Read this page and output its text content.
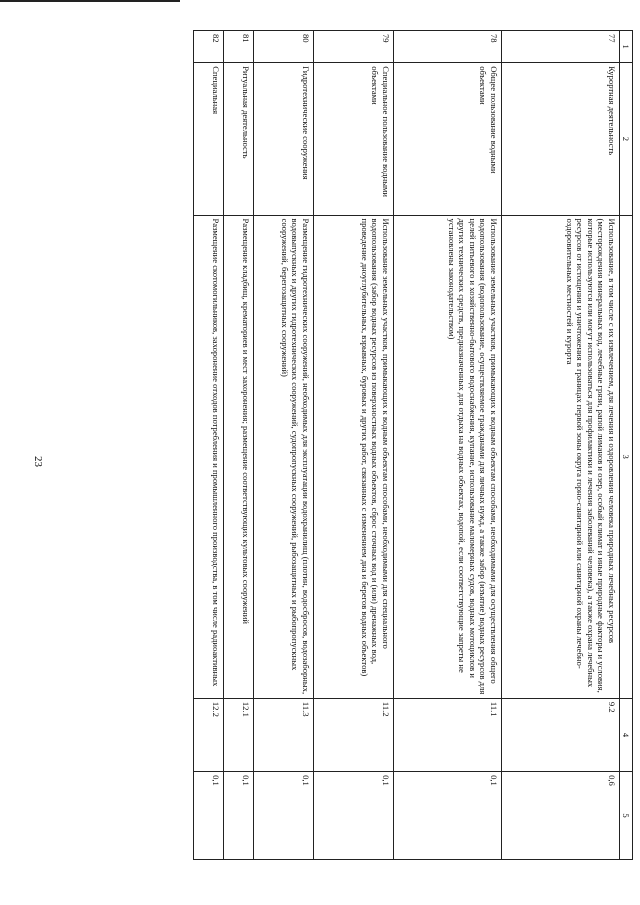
23
1	2	3	4	5
77	Курортная деятельность	Использование, в том числе с их извлечением, для лечения и оздоровления человека природных лечебных ресурсов (месторождения минеральных вод, лечебные грязи, рапой лиманов и озер, особый климат и иные природные факторы и условия, которые используются или могут использоваться для профилактики и лечения заболеваний человека), а также охрана лечебных ресурсов от истощения и уничтожения в границах первой зоны округа горно-санитарной или санитарной охраны лечебно-оздоровительных местностей и курорта	9.2	0,6
78	Общее пользование водными объектами	Использование земельных участков, примыкающих к водным объектам способами, необходимыми для осуществления общего водопользования (водопользование, осуществляемое гражданами для личных нужд, а также забор (изъятие) водных ресурсов для целей питьевого и хозяйственно-бытового водоснабжения, купание, использование маломерных судов, водных мотоциклов и других технических средств, предназначенных для отдыха на водных объектах, водопой, если соответствующие запреты не установлены законодательством)	11.1	0,1
79	Специальное пользование водными объектами	Использование земельных участков, примыкающих к водным объектам способами, необходимыми для специального водопользования (забор водных ресурсов из поверхностных водных объектов, сброс сточных вод и (или) дренажных вод, проведение дноуглубительных, взрывных, буровых и других работ, связанных с изменением дна и берегов водных объектов)	11.2	0,1
80	Гидротехнические сооружения	Размещение гидротехнических сооружений, необходимых для эксплуатации водохранилищ (плотин, водосбросов, водозаборных, водовыпускных и других гидротехнических сооружений, судопропускных сооружений, рыбозащитных и рыбопропускных сооружений, берегозащитных сооружений)	11.3	0,1
81	Ритуальная деятельность	Размещение кладбищ, крематориев и мест захоронения; размещение соответствующих культовых сооружений	12.1	0,1
82	Специальная	Размещение скотомогильников, захоронение отходов потребления и промышленного производства, в том числе радиоактивных	12.2	0,1
